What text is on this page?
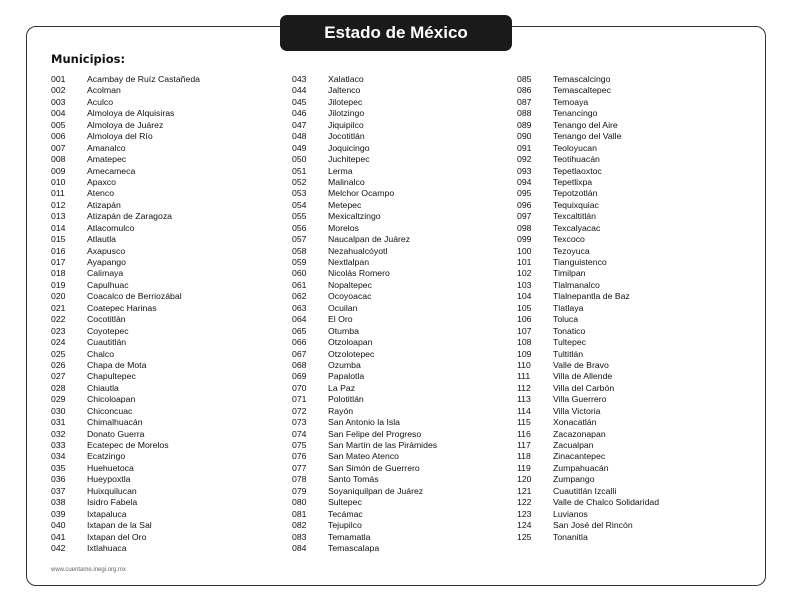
Estado de México
Municipios:
001 Acambay de Ruíz Castañeda
002 Acolman
003 Aculco
004 Almoloya de Alquisiras
005 Almoloya de Juárez
006 Almoloya del Río
007 Amanalco
008 Amatepec
009 Amecameca
010 Apaxco
011	Atenco
012 Atizapán
013 Atizapán de Zaragoza
014 Atlacomulco
015 Atlautla
016 Axapusco
017 Ayapango
018 Calimaya
019 Capulhuac
020 Coacalco de Berriozábal
021 Coatepec Harinas
022 Cocotitlán
023 Coyotepec
024 Cuautitlán
025 Chalco
026 Chapa de Mota
027 Chapultepec
028 Chiautla
029 Chicoloapan
030 Chiconcuac
031 Chimalhuacán
032 Donato Guerra
033 Ecatepec de Morelos
034 Ecatzingo
035 Huehuetoca
036 Hueypoxtla
037 Huixquilucan
038 Isidro Fabela
039 Ixtapaluca
040 Ixtapan de la Sal
041 Ixtapan del Oro
042 Ixtlahuaca
043 Xalatlaco
044 Jaltenco
045 Jilotepec
046 Jilotzingo
047 Jiquipilco
048 Jocotitlán
049 Joquicingo
050 Juchitepec
051 Lerma
052 Malinalco
053 Melchor Ocampo
054 Metepec
055 Mexicaltzingo
056 Morelos
057 Naucalpan de Juárez
058 Nezahualcóyotl
059 Nextlalpan
060 Nicolás Romero
061 Nopaltepec
062 Ocoyoacac
063 Ocuilan
064 El Oro
065 Otumba
066 Otzoloapan
067 Otzolotepec
068 Ozumba
069 Papalotla
070 La Paz
071 Polotitlán
072 Rayón
073 San Antonio la Isla
074 San Felipe del Progreso
075 San Martín de las Pirámides
076 San Mateo Atenco
077 San Simón de Guerrero
078 Santo Tomás
079 Soyaniquilpan de Juárez
080 Sultepec
081 Tecámac
082 Tejupilco
083 Temamatla
084 Temascalapa
085 Temascalcingo
086 Temascaltepec
087 Temoaya
088 Tenancingo
089 Tenango del Aire
090 Tenango del Valle
091 Teoloyucan
092 Teotihuacán
093 Tepetlaoxtoc
094 Tepetlixpa
095 Tepotzotlán
096 Tequixquiac
097 Texcaltitlán
098 Texcalyacac
099 Texcoco
100 Tezoyuca
101 Tianguistenco
102 Timilpan
103 Tlalmanalco
104 Tlalnepantla de Baz
105 Tlatlaya
106 Toluca
107 Tonatico
108 Tultepec
109 Tultitlán
110	Valle de Bravo
111	Villa de Allende
112	Villa del Carbón
113	Villa Guerrero
114	Villa Victoria
115	Xonacatlán
116	Zacazonapan
117	Zacualpan
118	Zinacantepec
119	Zumpahuacán
120 Zumpango
121 Cuautitlán Izcalli
122 Valle de Chalco Solidaridad
123 Luvianos
124 San José del Rincón
125 Tonanitla
www.cuentame.inegi.org.mx
